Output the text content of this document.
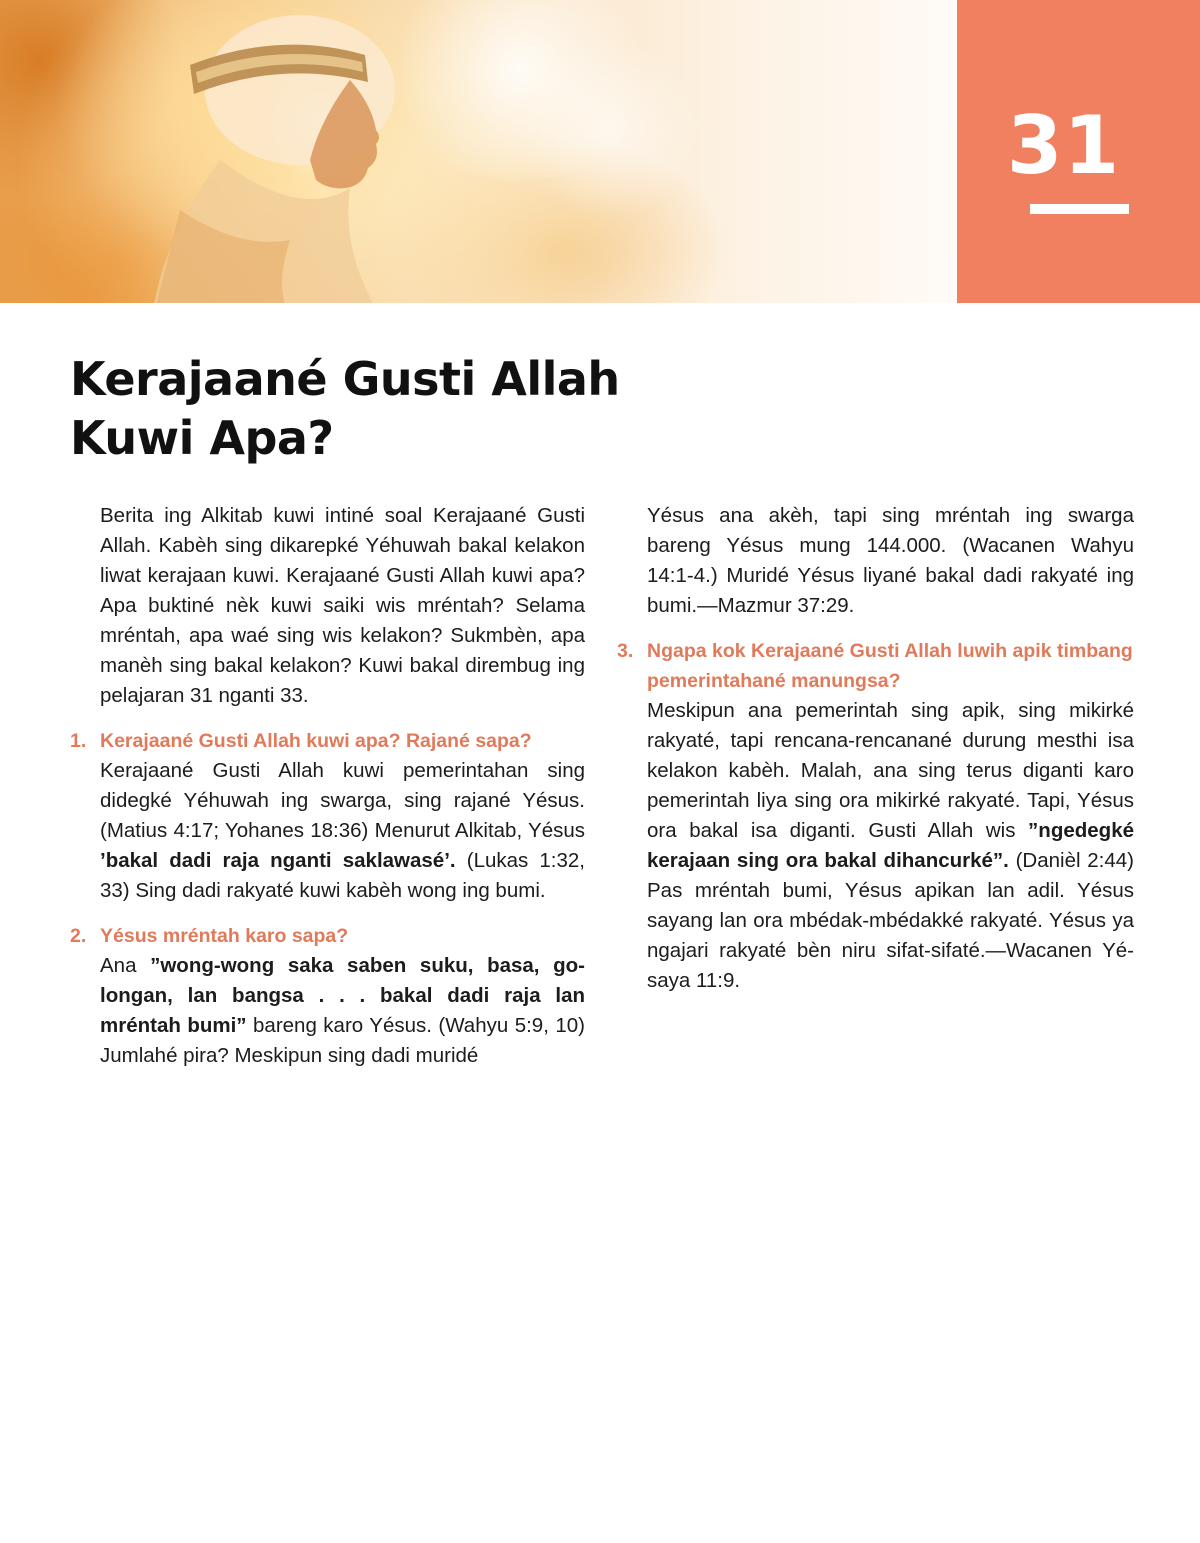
31
Kerajaané Gusti Allah
Kuwi Apa?

Berita ing Alkitab kuwi intiné soal Kerajaané Gusti Allah. Kabèh sing dikarepké Yéhuwah bakal kelakon liwat kerajaan kuwi. Kerajaané Gusti Allah kuwi apa? Apa buktiné nèk kuwi saiki wis mréntah? Selama mréntah, apa waé sing wis kelakon? Sukmbèn, apa manèh sing bakal kelakon? Kuwi bakal dirembug ing pelajaran 31 nganti 33.

1. Kerajaané Gusti Allah kuwi apa? Rajané sapa?

Kerajaané Gusti Allah kuwi pemerintahan sing didegké Yéhuwah ing swarga, sing rajané Yésus. (Matius 4:17; Yohanes 18:36) Menurut Alkitab, Yésus ’bakal dadi raja nganti saklawasé’. (Lukas 1:32, 33) Sing dadi rakyaté kuwi kabèh wong ing bumi.

2. Yésus mréntah karo sapa?

Ana ”wong-wong saka saben suku, basa, golongan, lan bangsa . . . bakal dadi raja lan mréntah bumi” bareng karo Yésus. (Wahyu 5:9, 10) Jumlahé pira? Meskipun sing dadi muridé

Yésus ana akèh, tapi sing mréntah ing swarga bareng Yésus mung 144.000. (Wacanen Wahyu 14:1-4.) Muridé Yésus liyané bakal dadi rakyaté ing bumi.—Mazmur 37:29.

3. Ngapa kok Kerajaané Gusti Allah luwih apik timbang pemerintahané manungsa?

Meskipun ana pemerintah sing apik, sing mikirké rakyaté, tapi rencana-rencanané durung mesthi isa kelakon kabèh. Malah, ana sing terus diganti karo pemerintah liya sing ora mikirké rakyaté. Tapi, Yésus ora bakal isa diganti. Gusti Allah wis ”ngedegké kerajaan sing ora bakal dihancurké”. (Danièl 2:44) Pas mréntah bumi, Yésus apikan lan adil. Yésus sayang lan ora mbédak-mbédakké rakyaté. Yésus ya ngajari rakyaté bèn niru sifat-sifaté.—Wacanen Yésaya 11:9.
